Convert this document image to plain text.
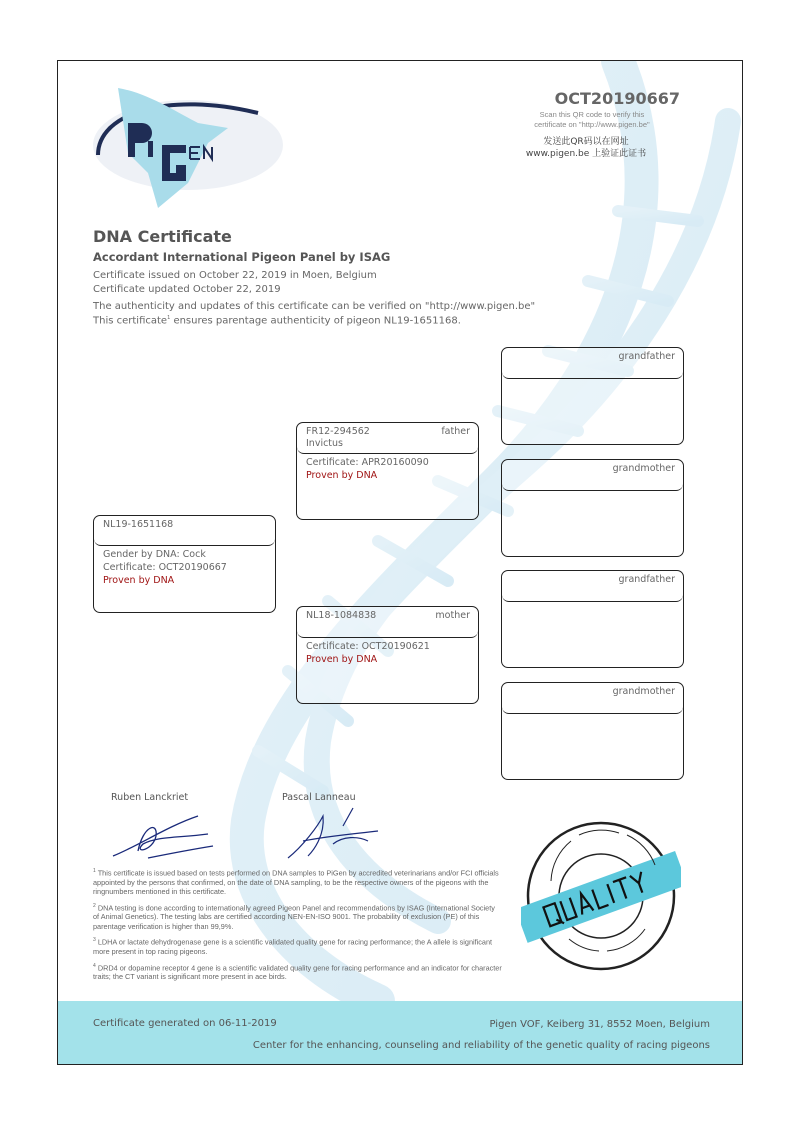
OCT20190667
Scan this QR code to verify this
certificate on "http://www.pigen.be"
发送此QR码以在网址
www.pigen.be 上验证此证书
DNA Certificate
Accordant International Pigeon Panel by ISAG
Certificate issued on October 22, 2019 in Moen, Belgium
Certificate updated October 22, 2019
The authenticity and updates of this certificate can be verified on "http://www.pigen.be"
This certificate$^1$ ensures parentage authenticity of pigeon NL19-1651168.
grandfather
FR12-294562	father
Invictus
Certificate: APR20160090
Proven by DNA
grandmother
NL19-1651168
Gender by DNA: Cock
Certificate: OCT20190667
Proven by DNA	grandfather
NL18-1084838	mother
Certificate: OCT20190621
Proven by DNA
grandmother
Ruben Lanckriet	Pascal Lanneau

$^1$ This certificate is issued based on tests performed on DNA samples to PiGen by accredited veterinarians and/or FCI officials appointed by the persons that confirmed, on the date of DNA sampling, to be the respective owners of the pigeons with the ringnumbers mentioned in this certificate.

$^2$ DNA testing is done according to internationally agreed Pigeon Panel and recommendations by ISAG (International Society of Animal Genetics). The testing labs are certified according NEN-EN-ISO 9001. The probability of exclusion (PE) of this parentage verification is higher than 99,9%.

$^3$ LDHA or lactate dehydrogenase gene is a scientific validated quality gene for racing performance; the A allele is significant more present in top racing pigeons.

$^4$ DRD4 or dopamine receptor 4 gene is a scientific validated quality gene for racing performance and an indicator for character traits; the CT variant is significant more present in ace birds.

Certificate generated on 06-11-2019	Pigen VOF, Keiberg 31, 8552 Moen, Belgium
Center for the enhancing, counseling and reliability of the genetic quality of racing pigeons
